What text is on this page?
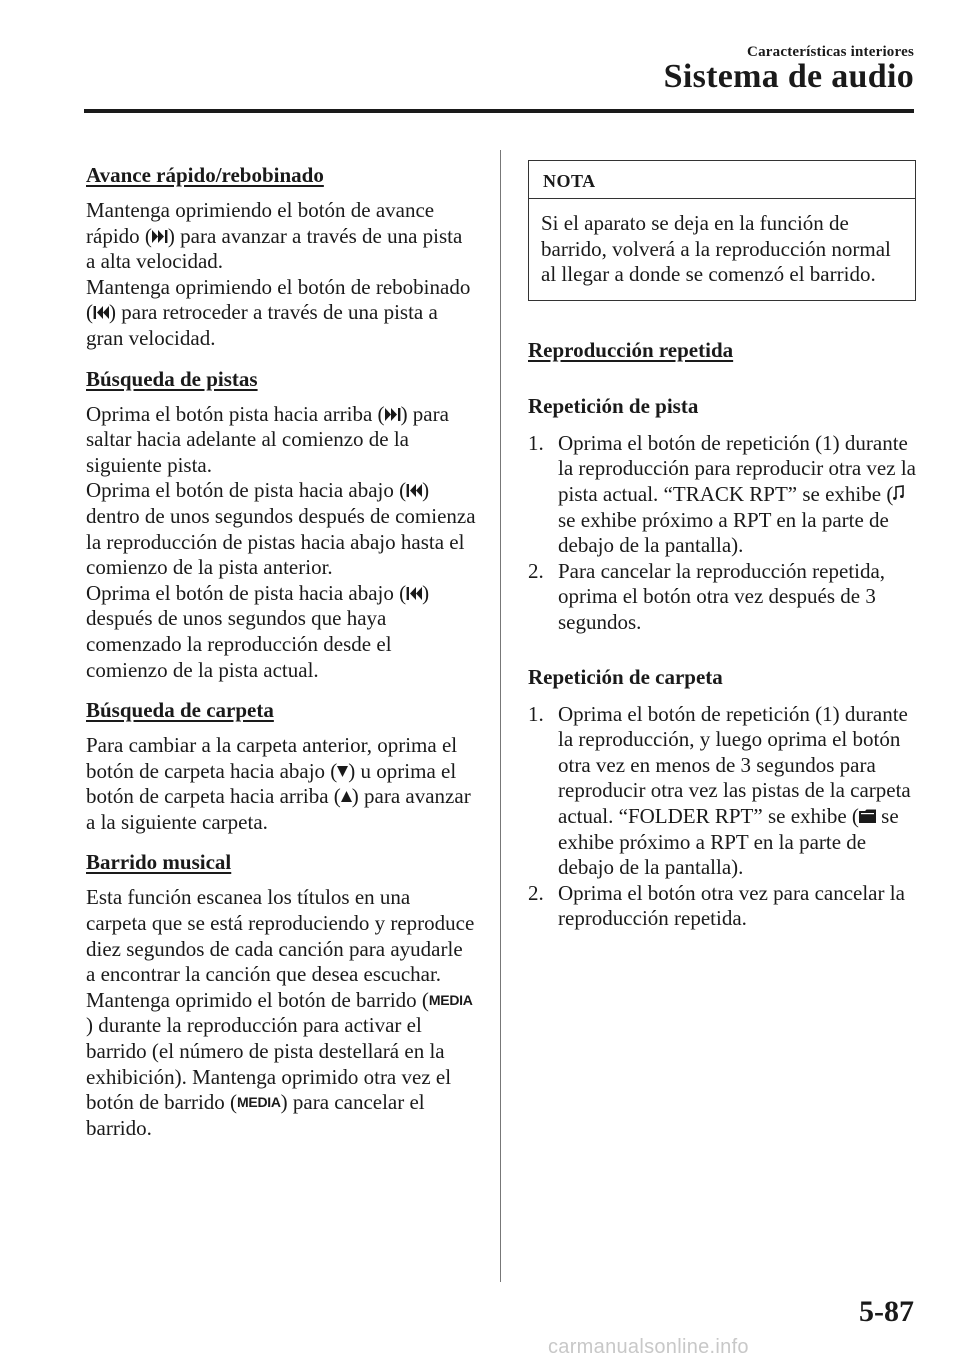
Características interiores
Sistema de audio
Avance rápido/rebobinado

Mantenga oprimiendo el botón de avance rápido ( ) para avanzar a través de una pista a alta velocidad.

Mantenga oprimiendo el botón de rebobinado ( ) para retroceder a través de una pista a gran velocidad.

Búsqueda de pistas

Oprima el botón pista hacia arriba ( ) para saltar hacia adelante al comienzo de la siguiente pista.

Oprima el botón de pista hacia abajo ( ) dentro de unos segundos después de comienza la reproducción de pistas hacia abajo hasta el comienzo de la pista anterior.

Oprima el botón de pista hacia abajo ( ) después de unos segundos que haya comenzado la reproducción desde el comienzo de la pista actual.

Búsqueda de carpeta

Para cambiar a la carpeta anterior, oprima el botón de carpeta hacia abajo ( ) u oprima el botón de carpeta hacia arriba ( ) para avanzar a la siguiente carpeta.

Barrido musical

Esta función escanea los títulos en una carpeta que se está reproduciendo y reproduce diez segundos de cada canción para ayudarle a encontrar la canción que desea escuchar.

Mantenga oprimido el botón de barrido (MEDIA) durante la reproducción para activar el barrido (el número de pista destellará en la exhibición). Mantenga oprimido otra vez el botón de barrido (MEDIA) para cancelar el barrido.

NOTA
Si el aparato se deja en la función de barrido, volverá a la reproducción normal al llegar a donde se comenzó el barrido.
Reproducción repetida
Repetición de pista
1. Oprima el botón de repetición (1) durante la reproducción para reproducir otra vez la pista actual. “TRACK RPT” se exhibe (se exhibe próximo a RPT en la parte de debajo de la pantalla).
2. Para cancelar la reproducción repetida, oprima el botón otra vez después de 3 segundos.
Repetición de carpeta
1. Oprima el botón de repetición (1) durante la reproducción, y luego oprima el botón otra vez en menos de 3 segundos para reproducir otra vez las pistas de la carpeta actual. “FOLDER RPT” se exhibe ( se exhibe próximo a RPT en la parte de debajo de la pantalla).
2. Oprima el botón otra vez para cancelar la reproducción repetida.
5-87
carmanualsonline.info
